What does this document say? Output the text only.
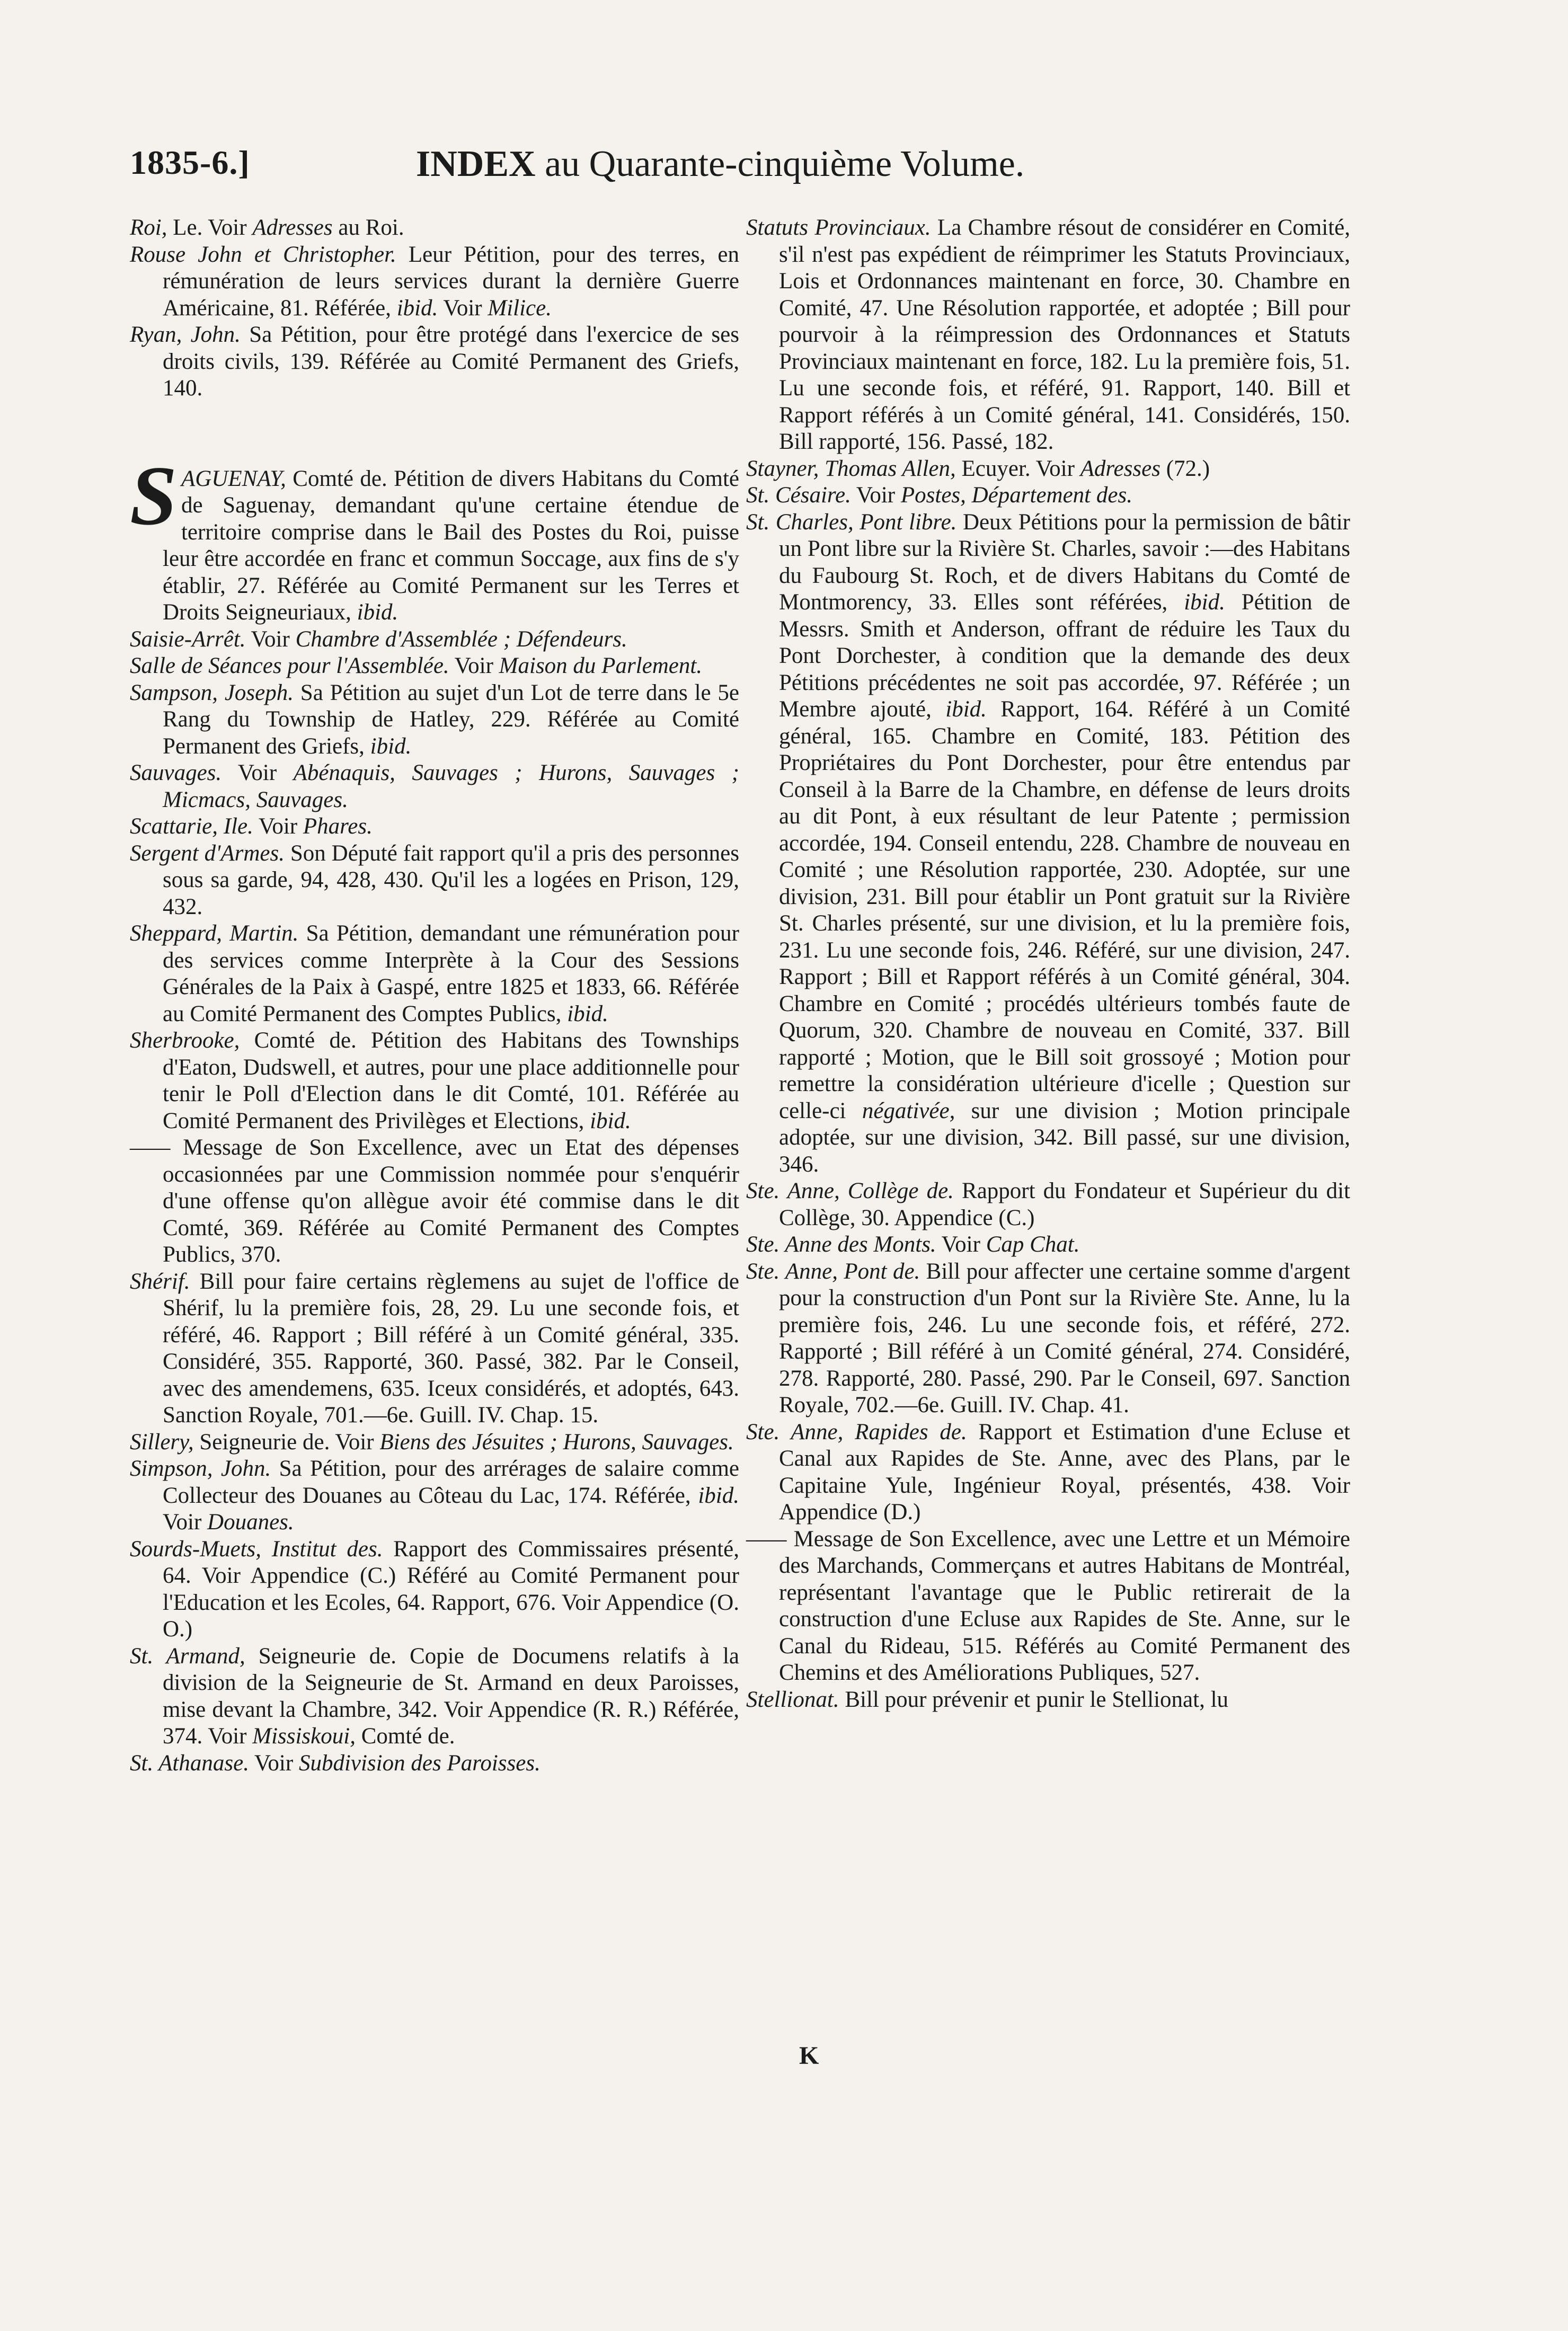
1835-6.]	INDEX au Quarante-cinquième Volume.

Roi, Le. Voir Adresses au Roi.

Rouse John et Christopher. Leur Pétition, pour des terres, en rémunération de leurs services durant la dernière Guerre Américaine, 81. Référée, ibid. Voir Milice.

Ryan, John. Sa Pétition, pour être protégé dans l'exercice de ses droits civils, 139. Référée au Comité Permanent des Griefs, 140.

SAGUENAY, Comté de. Pétition de divers Habitans du Comté de Saguenay, demandant qu'une certaine étendue de territoire comprise dans le Bail des Postes du Roi, puisse leur être accordée en franc et commun Soccage, aux fins de s'y établir, 27. Référée au Comité Permanent sur les Terres et Droits Seigneuriaux, ibid.

Saisie-Arrêt. Voir Chambre d'Assemblée ; Défendeurs.

Salle de Séances pour l'Assemblée. Voir Maison du Parlement.

Sampson, Joseph. Sa Pétition au sujet d'un Lot de terre dans le 5e Rang du Township de Hatley, 229. Référée au Comité Permanent des Griefs, ibid.

Sauvages. Voir Abénaquis, Sauvages ; Hurons, Sauvages ; Micmacs, Sauvages.

Scattarie, Ile. Voir Phares.

Sergent d'Armes. Son Député fait rapport qu'il a pris des personnes sous sa garde, 94, 428, 430. Qu'il les a logées en Prison, 129, 432.

Sheppard, Martin. Sa Pétition, demandant une rémunération pour des services comme Interprète à la Cour des Sessions Générales de la Paix à Gaspé, entre 1825 et 1833, 66. Référée au Comité Permanent des Comptes Publics, ibid.

Sherbrooke, Comté de. Pétition des Habitans des Townships d'Eaton, Dudswell, et autres, pour une place additionnelle pour tenir le Poll d'Election dans le dit Comté, 101. Référée au Comité Permanent des Privilèges et Elections, ibid.

—— Message de Son Excellence, avec un Etat des dépenses occasionnées par une Commission nommée pour s'enquérir d'une offense qu'on allègue avoir été commise dans le dit Comté, 369. Référée au Comité Permanent des Comptes Publics, 370.

Shérif. Bill pour faire certains règlemens au sujet de l'office de Shérif, lu la première fois, 28, 29. Lu une seconde fois, et référé, 46. Rapport ; Bill référé à un Comité général, 335. Considéré, 355. Rapporté, 360. Passé, 382. Par le Conseil, avec des amendemens, 635. Iceux considérés, et adoptés, 643. Sanction Royale, 701.—6e. Guill. IV. Chap. 15.

Sillery, Seigneurie de. Voir Biens des Jésuites ; Hurons, Sauvages.

Simpson, John. Sa Pétition, pour des arrérages de salaire comme Collecteur des Douanes au Côteau du Lac, 174. Référée, ibid. Voir Douanes.

Sourds-Muets, Institut des. Rapport des Commissaires présenté, 64. Voir Appendice (C.) Référé au Comité Permanent pour l'Education et les Ecoles, 64. Rapport, 676. Voir Appendice (O. O.)

St. Armand, Seigneurie de. Copie de Documens relatifs à la division de la Seigneurie de St. Armand en deux Paroisses, mise devant la Chambre, 342. Voir Appendice (R. R.) Référée, 374. Voir Missiskoui, Comté de.

St. Athanase. Voir Subdivision des Paroisses.

Statuts Provinciaux. La Chambre résout de considérer en Comité, s'il n'est pas expédient de réimprimer les Statuts Provinciaux, Lois et Ordonnances maintenant en force, 30. Chambre en Comité, 47. Une Résolution rapportée, et adoptée ; Bill pour pourvoir à la réimpression des Ordonnances et Statuts Provinciaux maintenant en force, 182. Lu la première fois, 51. Lu une seconde fois, et référé, 91. Rapport, 140. Bill et Rapport référés à un Comité général, 141. Considérés, 150. Bill rapporté, 156. Passé, 182.

Stayner, Thomas Allen, Ecuyer. Voir Adresses (72.)

St. Césaire. Voir Postes, Département des.

St. Charles, Pont libre. Deux Pétitions pour la permission de bâtir un Pont libre sur la Rivière St. Charles, savoir :—des Habitans du Faubourg St. Roch, et de divers Habitans du Comté de Montmorency, 33. Elles sont référées, ibid. Pétition de Messrs. Smith et Anderson, offrant de réduire les Taux du Pont Dorchester, à condition que la demande des deux Pétitions précédentes ne soit pas accordée, 97. Référée ; un Membre ajouté, ibid. Rapport, 164. Référé à un Comité général, 165. Chambre en Comité, 183. Pétition des Propriétaires du Pont Dorchester, pour être entendus par Conseil à la Barre de la Chambre, en défense de leurs droits au dit Pont, à eux résultant de leur Patente ; permission accordée, 194. Conseil entendu, 228. Chambre de nouveau en Comité ; une Résolution rapportée, 230. Adoptée, sur une division, 231. Bill pour établir un Pont gratuit sur la Rivière St. Charles présenté, sur une division, et lu la première fois, 231. Lu une seconde fois, 246. Référé, sur une division, 247. Rapport ; Bill et Rapport référés à un Comité général, 304. Chambre en Comité ; procédés ultérieurs tombés faute de Quorum, 320. Chambre de nouveau en Comité, 337. Bill rapporté ; Motion, que le Bill soit grossoyé ; Motion pour remettre la considération ultérieure d'icelle ; Question sur celle-ci négativée, sur une division ; Motion principale adoptée, sur une division, 342. Bill passé, sur une division, 346.

Ste. Anne, Collège de. Rapport du Fondateur et Supérieur du dit Collège, 30. Appendice (C.)

Ste. Anne des Monts. Voir Cap Chat.

Ste. Anne, Pont de. Bill pour affecter une certaine somme d'argent pour la construction d'un Pont sur la Rivière Ste. Anne, lu la première fois, 246. Lu une seconde fois, et référé, 272. Rapporté ; Bill référé à un Comité général, 274. Considéré, 278. Rapporté, 280. Passé, 290. Par le Conseil, 697. Sanction Royale, 702.—6e. Guill. IV. Chap. 41.

Ste. Anne, Rapides de. Rapport et Estimation d'une Ecluse et Canal aux Rapides de Ste. Anne, avec des Plans, par le Capitaine Yule, Ingénieur Royal, présentés, 438. Voir Appendice (D.)

—— Message de Son Excellence, avec une Lettre et un Mémoire des Marchands, Commerçans et autres Habitans de Montréal, représentant l'avantage que le Public retirerait de la construction d'une Ecluse aux Rapides de Ste. Anne, sur le Canal du Rideau, 515. Référés au Comité Permanent des Chemins et des Améliorations Publiques, 527.

Stellionat. Bill pour prévenir et punir le Stellionat, lu

K
